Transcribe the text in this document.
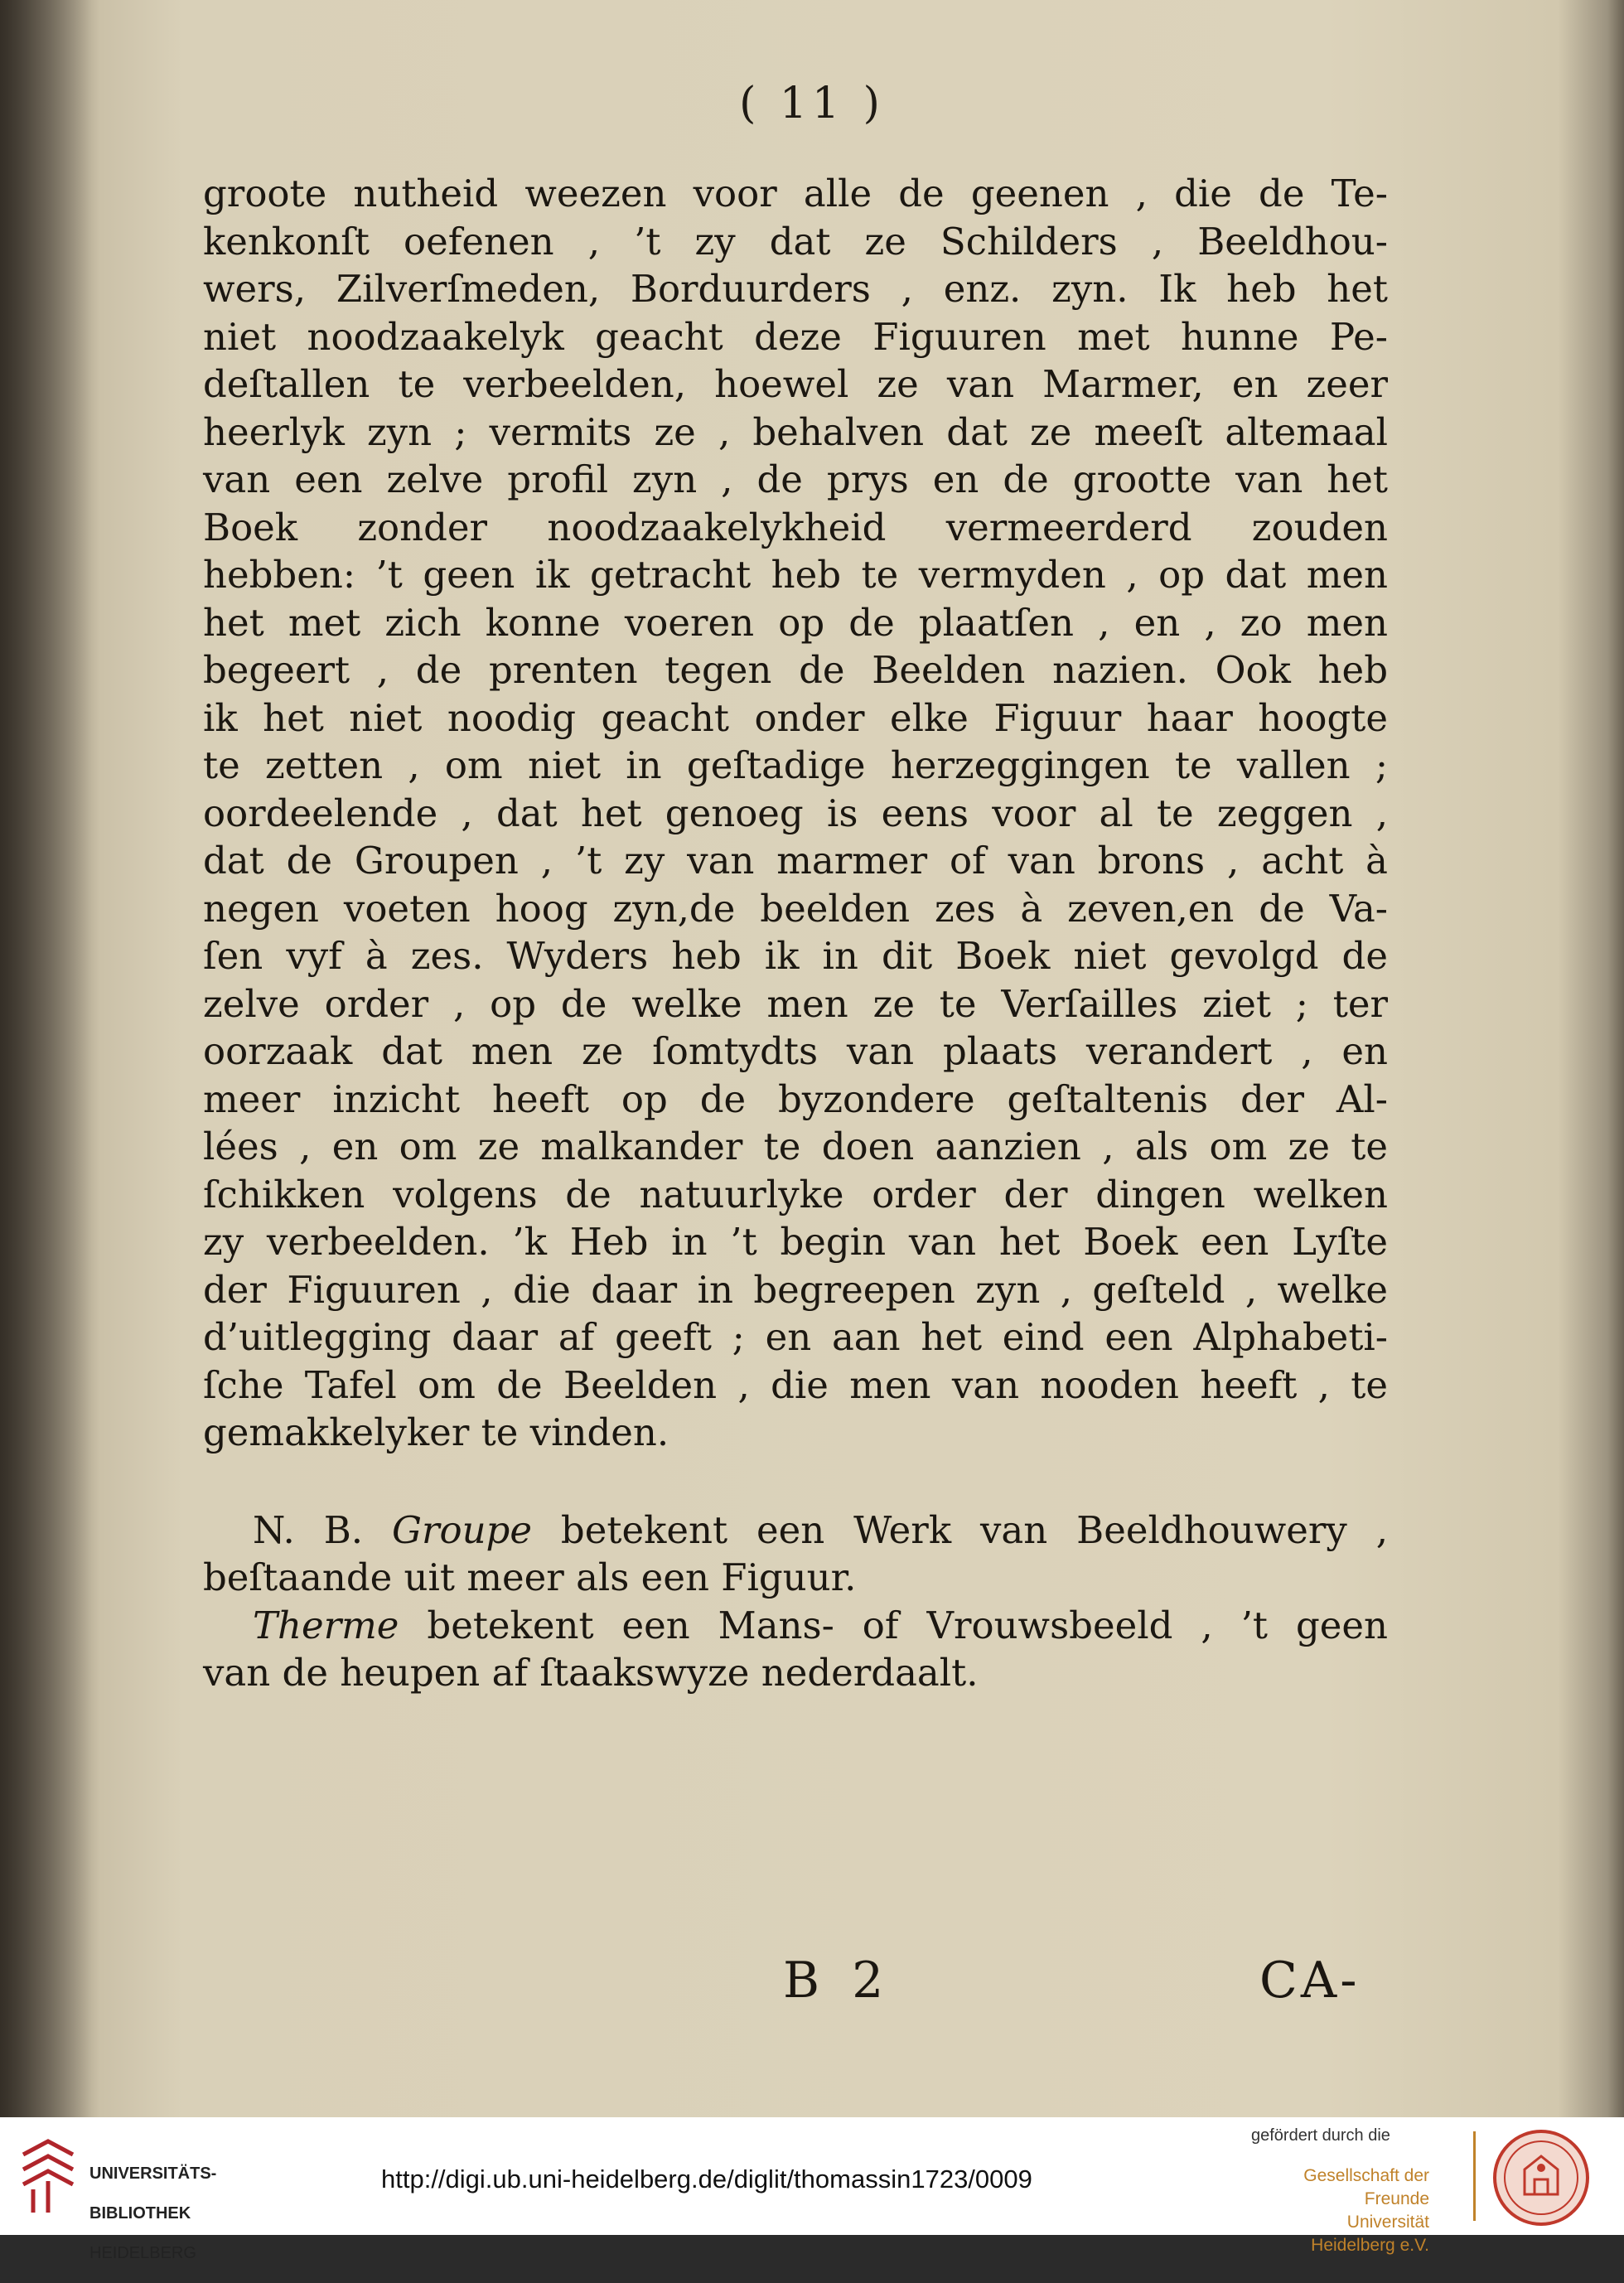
( 11 )
groote nutheid weezen voor alle de geenen , die de Te-
kenkonſt oefenen , ’t zy dat ze Schilders , Beeldhou-
wers, Zilverſmeden, Borduurders , enz. zyn. Ik heb het
niet noodzaakelyk geacht deze Figuuren met hunne Pe-
deſtallen te verbeelden, hoewel ze van Marmer, en zeer
heerlyk zyn ; vermits ze , behalven dat ze meeſt altemaal
van een zelve profil zyn , de prys en de grootte van het
Boek zonder noodzaakelykheid vermeerderd zouden
hebben: ’t geen ik getracht heb te vermyden , op dat men
het met zich konne voeren op de plaatſen , en , zo men
begeert , de prenten tegen de Beelden nazien. Ook heb
ik het niet noodig geacht onder elke Figuur haar hoogte
te zetten , om niet in geſtadige herzeggingen te vallen ;
oordeelende , dat het genoeg is eens voor al te zeggen ,
dat de Groupen , ’t zy van marmer of van brons , acht à
negen voeten hoog zyn,de beelden zes à zeven,en de Va-
ſen vyf à zes. Wyders heb ik in dit Boek niet gevolgd de
zelve order , op de welke men ze te Verſailles ziet ; ter
oorzaak dat men ze ſomtydts van plaats verandert , en
meer inzicht heeft op de byzondere geſtaltenis der Al-
lées , en om ze malkander te doen aanzien , als om ze te
ſchikken volgens de natuurlyke order der dingen welken
zy verbeelden. ’k Heb in ’t begin van het Boek een Lyſte
der Figuuren , die daar in begreepen zyn , geſteld , welke
d’uitlegging daar af geeft ; en aan het eind een Alphabeti-
ſche Tafel om de Beelden , die men van nooden heeft , te
gemakkelyker te vinden.
N. B. Groupe betekent een Werk van Beeldhouwery ,
beſtaande uit meer als een Figuur.
Therme betekent een Mans- of Vrouwsbeeld , ’t geen
van de heupen af ſtaakswyze nederdaalt.
B 2	CA-

UNIVERSITÄTS-

BIBLIOTHEK

HEIDELBERG

http://digi.ub.uni-heidelberg.de/diglit/thomassin1723/0009
gefördert durch die
Gesellschaft der Freunde
Universität Heidelberg e.V.
